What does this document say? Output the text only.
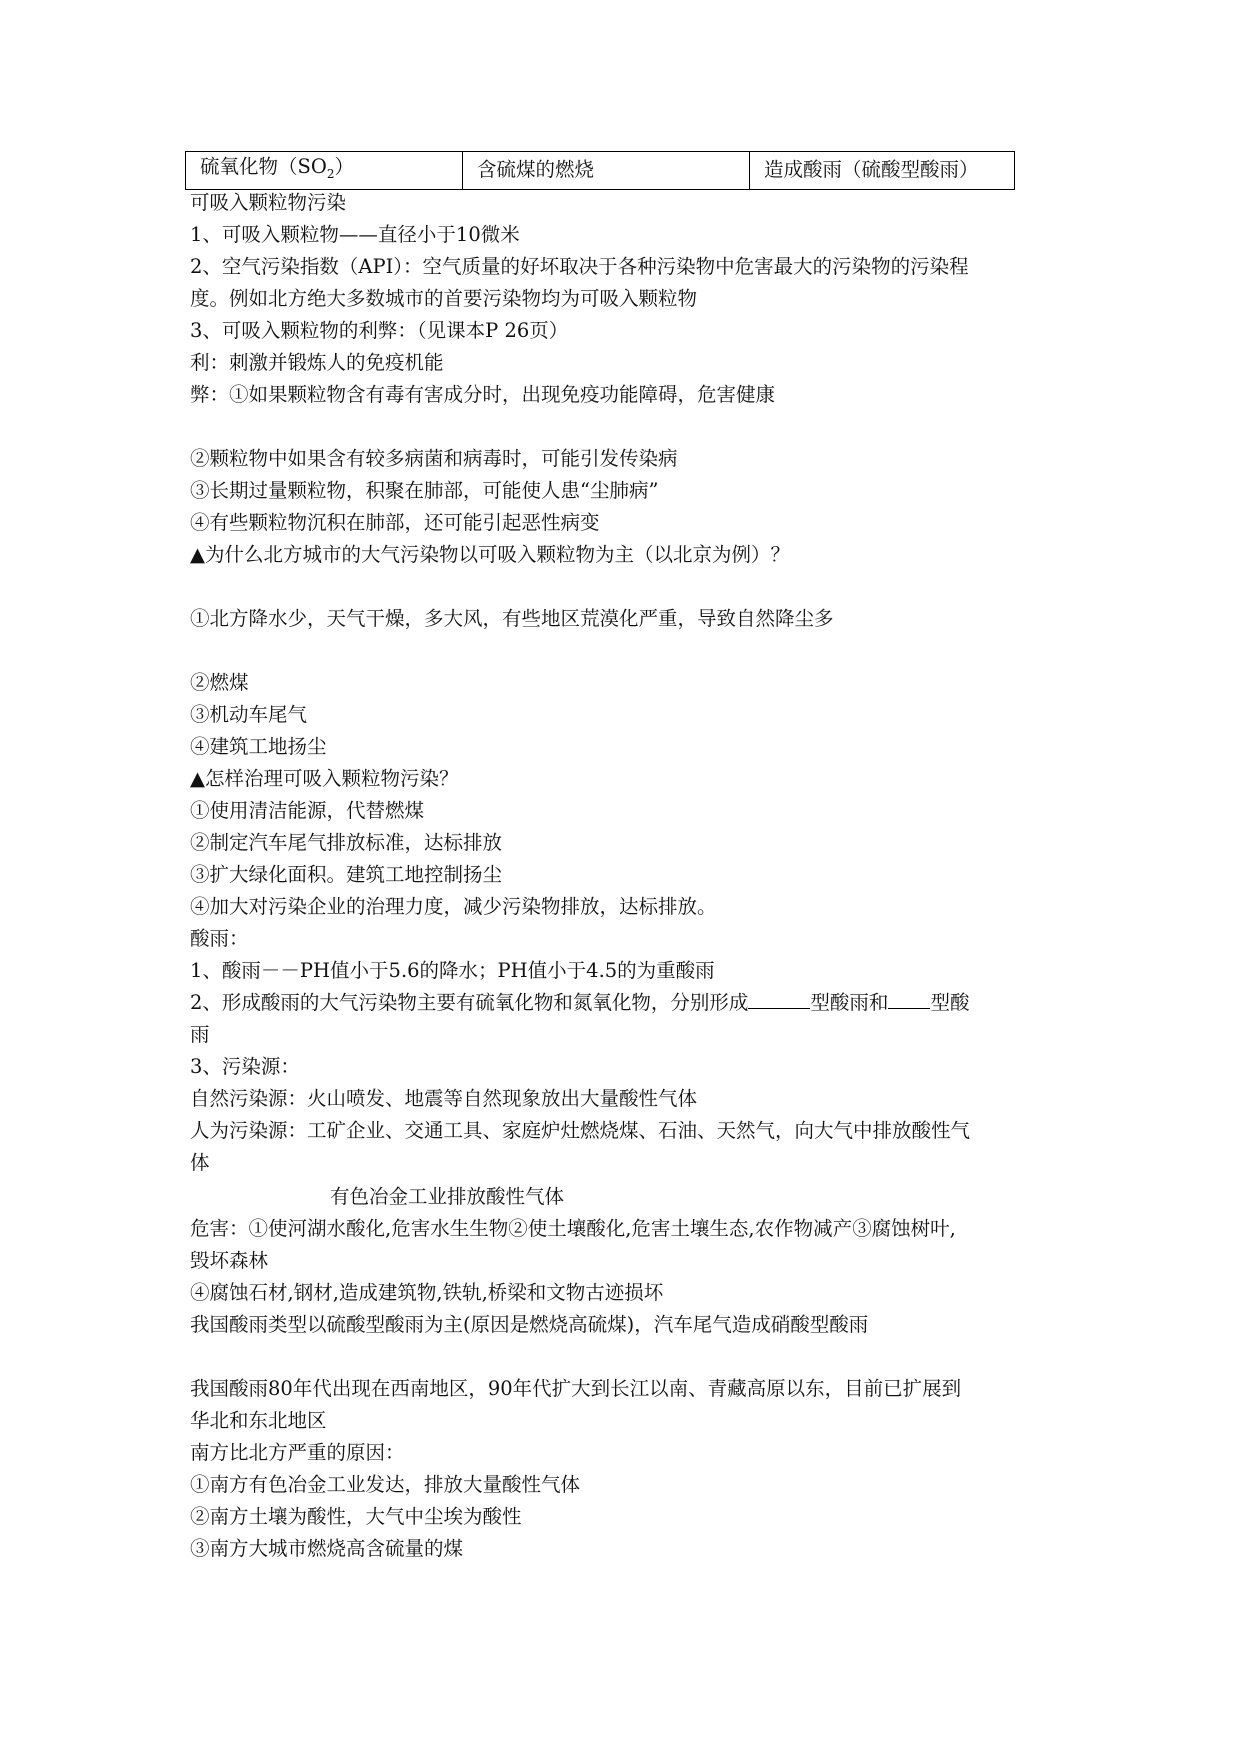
硫氧化物$(SO_2)$	含硫煤的燃烧	造成酸雨（硫酸型酸雨）
可吸入颗粒物污染
1、可吸入颗粒物——直径小于10微米
2、空气污染指数（API）：空气质量的好坏取决于各种污染物中危害最大的污染物的污染程
度。例如北方绝大多数城市的首要污染物均为可吸入颗粒物
3、可吸入颗粒物的利弊：（见课本P 26页）
利：刺激并锻炼人的免疫机能
弊：①如果颗粒物含有毒有害成分时，出现免疫功能障碍，危害健康
②颗粒物中如果含有较多病菌和病毒时，可能引发传染病
③长期过量颗粒物，积聚在肺部，可能使人患“尘肺病”
④有些颗粒物沉积在肺部，还可能引起恶性病变
▲为什么北方城市的大气污染物以可吸入颗粒物为主（以北京为例）？
①北方降水少，天气干燥，多大风，有些地区荒漠化严重，导致自然降尘多
②燃煤
③机动车尾气
④建筑工地扬尘
▲怎样治理可吸入颗粒物污染？
①使用清洁能源，代替燃煤
②制定汽车尾气排放标准，达标排放
③扩大绿化面积。建筑工地控制扬尘
④加大对污染企业的治理力度，减少污染物排放，达标排放。
酸雨：
1、酸雨－－PH值小于5.6的降水；PH值小于4.5的为重酸雨
2、形成酸雨的大气污染物主要有硫氧化物和氮氧化物，分别形成	型酸雨和 型酸
雨
3、污染源：
自然污染源：火山喷发、地震等自然现象放出大量酸性气体
人为污染源：工矿企业、交通工具、家庭炉灶燃烧煤、石油、天然气，向大气中排放酸性气
体
有色冶金工业排放酸性气体
危害：①使河湖水酸化,危害水生生物②使土壤酸化,危害土壤生态,农作物减产③腐蚀树叶,
毁坏森林
④腐蚀石材,钢材,造成建筑物,铁轨,桥梁和文物古迹损坏
我国酸雨类型以硫酸型酸雨为主(原因是燃烧高硫煤)，汽车尾气造成硝酸型酸雨
我国酸雨80年代出现在西南地区，90年代扩大到长江以南、青藏高原以东，目前已扩展到
华北和东北地区
南方比北方严重的原因：
①南方有色冶金工业发达，排放大量酸性气体
②南方土壤为酸性，大气中尘埃为酸性
③南方大城市燃烧高含硫量的煤
